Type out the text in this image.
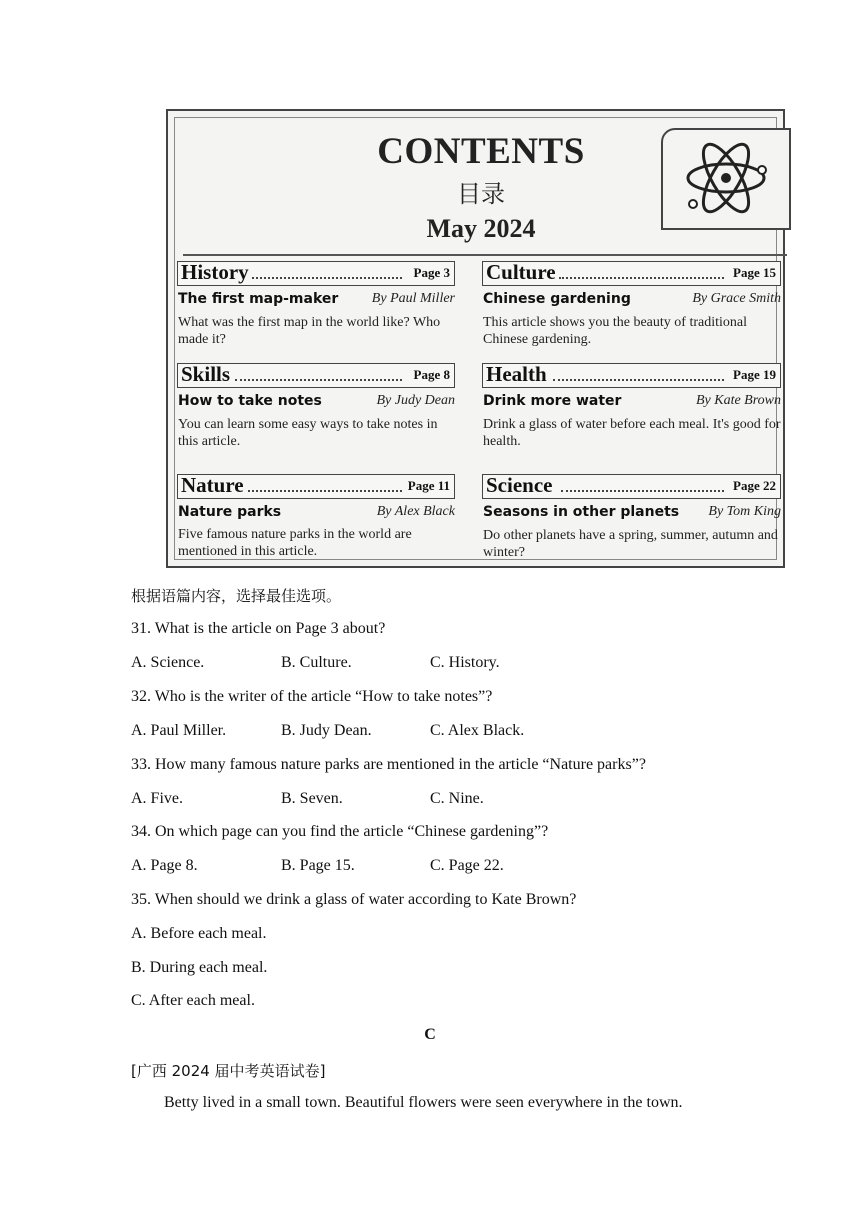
CONTENTS
目录
May 2024
History	Page 3
The first map-maker By Paul Miller
What was the first map in the world like? Who made it?
Skills	Page 8
How to take notes	By Judy Dean
You can learn some easy ways to take notes in this article.
Nature	Page 11
Nature parks	By Alex Black
Five famous nature parks in the world are mentioned in this article.
Culture	Page 15
Chinese gardening	By Grace Smith
This article shows you the beauty of traditional Chinese gardening.
Health	Page 19
Drink more water	By Kate Brown
Drink a glass of water before each meal. It's good for health.
Science	Page 22
Seasons in other planets By Tom King
Do other planets have a spring, summer, autumn and winter?
根据语篇内容，选择最佳选项。
31. What is the article on Page 3 about?
A. Science.	B. Culture.	C. History.
32. Who is the writer of the article “How to take notes”?
A. Paul Miller.	B. Judy Dean.	C. Alex Black.
33. How many famous nature parks are mentioned in the article “Nature parks”?
A. Five.	B. Seven.	C. Nine.
34. On which page can you find the article “Chinese gardening”?
A. Page 8.	B. Page 15.	C. Page 22.
35. When should we drink a glass of water according to Kate Brown?
A. Before each meal.
B. During each meal.
C. After each meal.
C
[广西 2024 届中考英语试卷]
Betty lived in a small town. Beautiful flowers were seen everywhere in the town.
